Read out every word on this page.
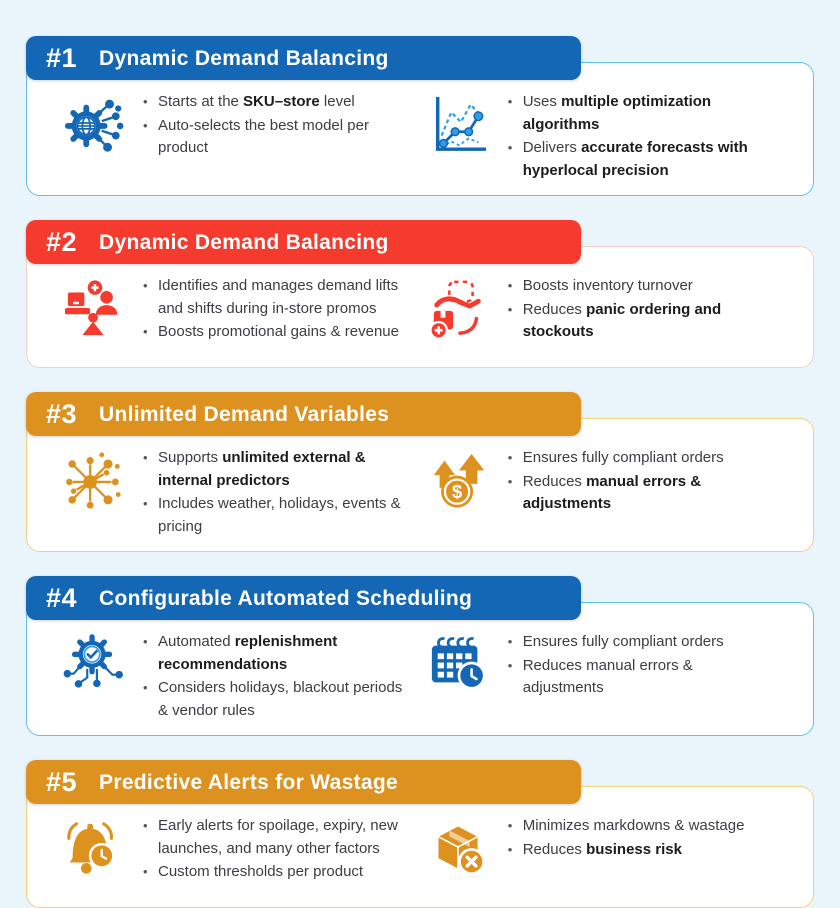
#1 Dynamic Demand Balancing
• Starts at the SKU–store level
• Auto-selects the best model per product
• Uses multiple optimization algorithms
• Delivers accurate forecasts with hyperlocal precision
#2 Dynamic Demand Balancing
• Identifies and manages demand lifts and shifts during in-store promos
• Boosts promotional gains & revenue
• Boosts inventory turnover
• Reduces panic ordering and stockouts
#3 Unlimited Demand Variables
• Supports unlimited external & internal predictors
• Includes weather, holidays, events & pricing
$
• Ensures fully compliant orders
• Reduces manual errors & adjustments
#4 Configurable Automated Scheduling
• Automated replenishment recommendations
• Considers holidays, blackout periods & vendor rules
• Ensures fully compliant orders
• Reduces manual errors & adjustments
#5 Predictive Alerts for Wastage
• Early alerts for spoilage, expiry, new launches, and many other factors
• Custom thresholds per product
• Minimizes markdowns & wastage
• Reduces business risk
